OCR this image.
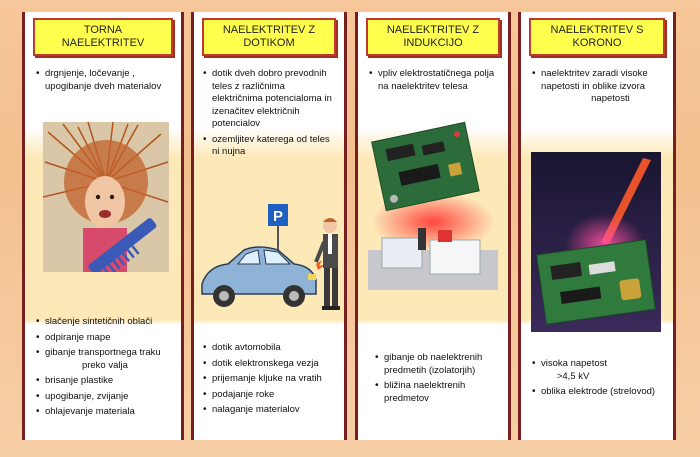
TORNA
NAELEKTRITEV
• drgnjenje, ločevanje ,
upogibanje dveh materialov
• slačenje sintetičnih oblači
• odpiranje mape
• gibanje transportnega traku
preko valja
• brisanje plastike
• upogibanje, zvijanje
• ohlajevanje materiala
NAELEKTRITEV Z
DOTIKOM
• dotik dveh dobro prevodnih
teles z različnima
električnima potencialoma in
izenačitev električnih
potencialov
• ozemljitev katerega od teles
ni nujna
P
• dotik avtomobila
• dotik elektronskega vezja
• prijemanje kljuke na vratih
• podajanje roke
• nalaganje materialov
NAELEKTRITEV Z
INDUKCIJO
• vpliv elektrostatičnega polja
na naelektritev telesa
• gibanje ob naelektrenih
predmetih (izolatorjih)
• bližina naelektrenih
predmetov
NAELEKTRITEV S
KORONO
• naelektritev zaradi visoke
napetosti in oblike izvora
napetosti
• visoka napetost
>4,5 kV
• oblika elektrode (strelovod)
